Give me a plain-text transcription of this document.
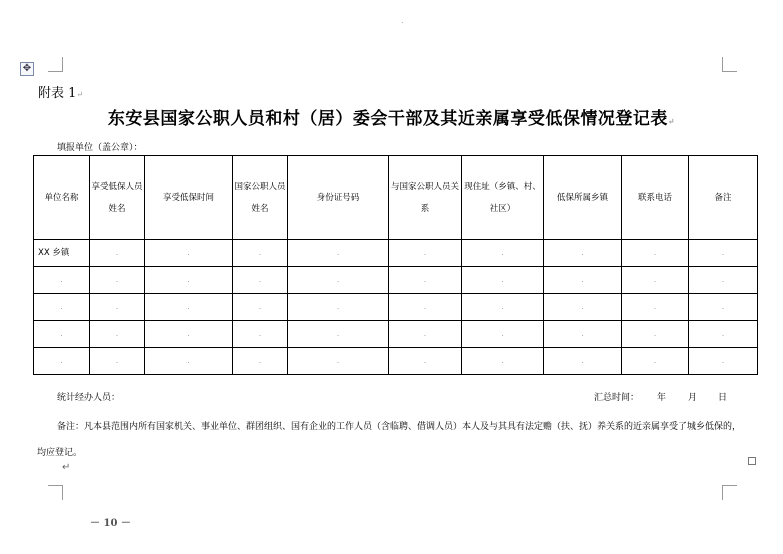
✥
.
附表 1↵
东安县国家公职人员和村（居）委会干部及其近亲属享受低保情况登记表↵
填报单位（盖公章）：
单位名称	享受低保人员姓名	享受低保时间	国家公职人员姓名	身份证号码	与国家公职人员关系	现住址（乡镇、村、社区）	低保所属乡镇	联系电话	备注
XX 乡镇	.	.	.	.	.	.	.	.	.
.	.	.	.	.	.	.	.	.	.
.	.	.	.	.	.	.	.	.	.
.	.	.	.	.	.	.	.	.	.
.	.	.	.	.	.	.	.	.	.
统计经办人员：	汇总时间： 年 月 日
备注：凡本县范围内所有国家机关、事业单位、群团组织、国有企业的工作人员（含临聘、借调人员）本人及与其具有法定赡（扶、抚）养关系的近亲属享受了城乡低保的，均应登记。
↵
－ 10 －
